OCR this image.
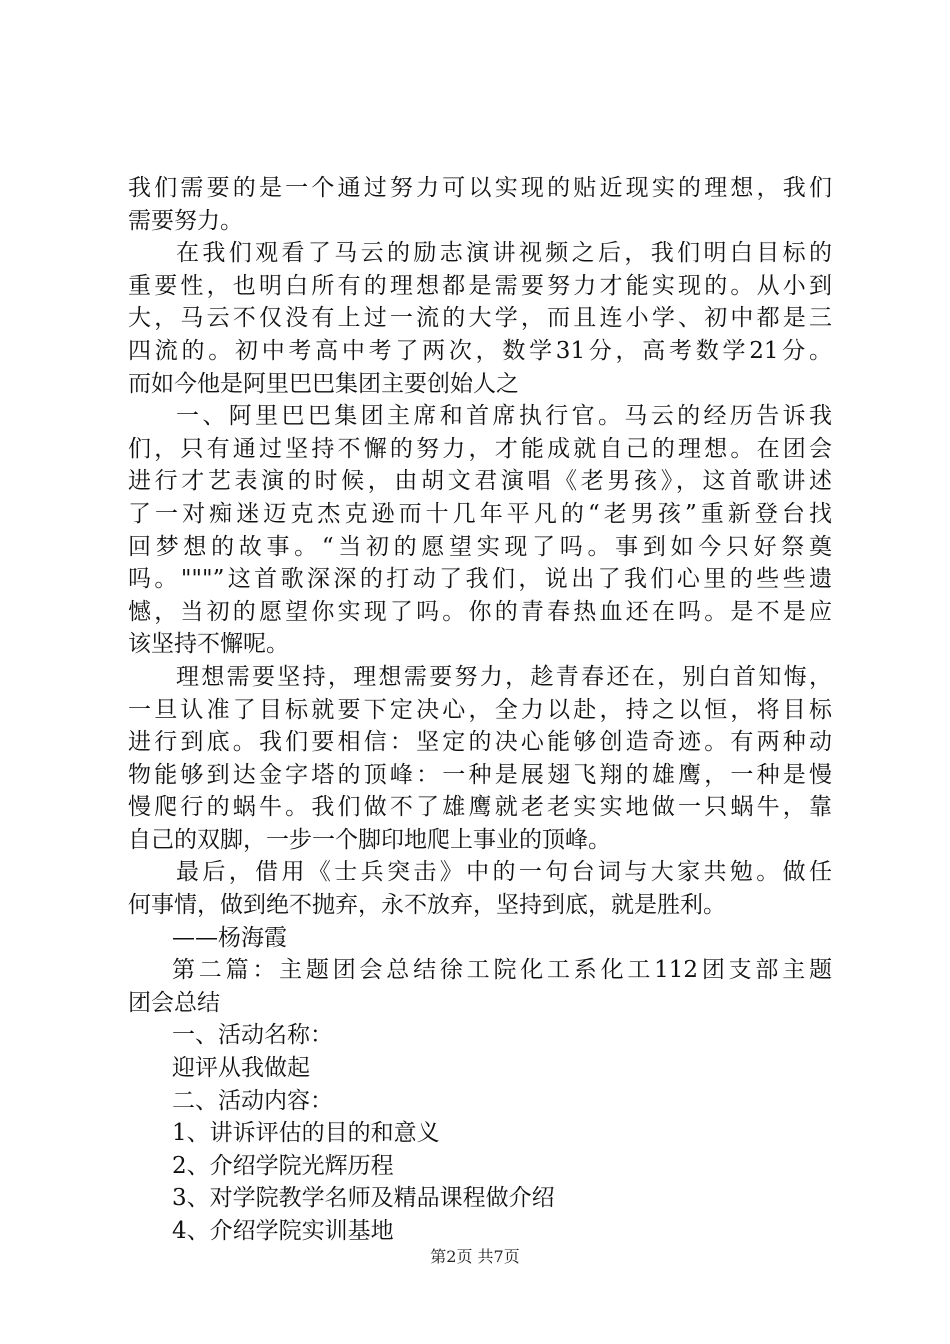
我们需要的是一个通过努力可以实现的贴近现实的理想，我们
需要努力。
在我们观看了马云的励志演讲视频之后，我们明白目标的
重要性，也明白所有的理想都是需要努力才能实现的。从小到
大，马云不仅没有上过一流的大学，而且连小学、初中都是三
四流的。初中考高中考了两次，数学31分，高考数学21分。
而如今他是阿里巴巴集团主要创始人之
一、阿里巴巴集团主席和首席执行官。马云的经历告诉我
们，只有通过坚持不懈的努力，才能成就自己的理想。在团会
进行才艺表演的时候，由胡文君演唱《老男孩》，这首歌讲述
了一对痴迷迈克杰克逊而十几年平凡的“老男孩”重新登台找
回梦想的故事。“当初的愿望实现了吗。事到如今只好祭奠
吗。"""”这首歌深深的打动了我们，说出了我们心里的些些遗
憾，当初的愿望你实现了吗。你的青春热血还在吗。是不是应
该坚持不懈呢。
理想需要坚持，理想需要努力，趁青春还在，别白首知悔，
一旦认准了目标就要下定决心，全力以赴，持之以恒，将目标
进行到底。我们要相信：坚定的决心能够创造奇迹。有两种动
物能够到达金字塔的顶峰：一种是展翅飞翔的雄鹰，一种是慢
慢爬行的蜗牛。我们做不了雄鹰就老老实实地做一只蜗牛，靠
自己的双脚，一步一个脚印地爬上事业的顶峰。
最后，借用《士兵突击》中的一句台词与大家共勉。做任
何事情，做到绝不抛弃，永不放弃，坚持到底，就是胜利。
——杨海霞
第二篇：主题团会总结徐工院化工系化工112团支部主题
团会总结
一、活动名称：
迎评从我做起
二、活动内容：
1、讲诉评估的目的和意义
2、介绍学院光辉历程
3、对学院教学名师及精品课程做介绍
4、介绍学院实训基地
第2页 共7页
